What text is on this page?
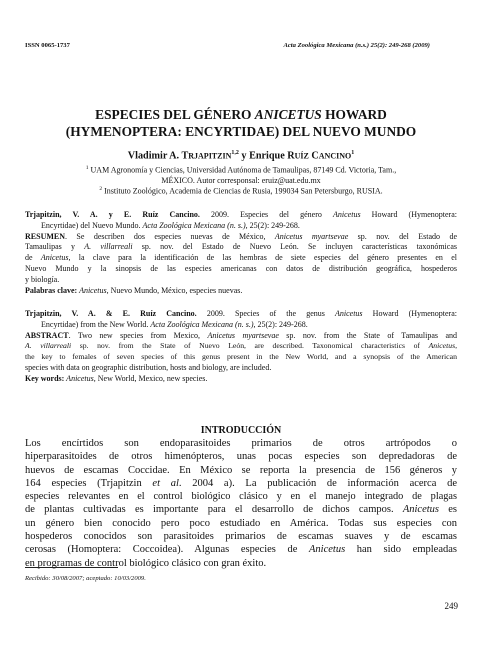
ISSN 0065-1737	Acta Zoológica Mexicana (n.s.) 25(2): 249-268 (2009)
ESPECIES DEL GÉNERO ANICETUS HOWARD
(HYMENOPTERA: ENCYRTIDAE) DEL NUEVO MUNDO
Vladimir A. TRJAPITZIN$^{1,2}$ y Enrique RUÍZ CANCINO$^1$
$^1$ UAM Agronomía y Ciencias, Universidad Autónoma de Tamaulipas, 87149 Cd. Victoria, Tam.,
MÉXICO. Autor corresponsal: eruiz@uat.edu.mx
$^2$ Instituto Zoológico, Academia de Ciencias de Rusia, 199034 San Petersburgo, RUSIA.
Trjapitzin, V. A. y E. Ruíz Cancino. 2009. Especies del género Anicetus Howard (Hymenoptera:
Encyrtidae) del Nuevo Mundo. Acta Zoológica Mexicana (n. s.), 25(2): 249-268.
RESUMEN. Se describen dos especies nuevas de México, Anicetus myartsevae sp. nov. del Estado de
Tamaulipas y A. villarreali sp. nov. del Estado de Nuevo León. Se incluyen características taxonómicas
de Anicetus, la clave para la identificación de las hembras de siete especies del género presentes en el
Nuevo Mundo y la sinopsis de las especies americanas con datos de distribución geográfica, hospederos
y biología.
Palabras clave: Anicetus, Nuevo Mundo, México, especies nuevas.
Trjapitzin, V. A. & E. Ruíz Cancino. 2009. Species of the genus Anicetus Howard (Hymenoptera:
Encyrtidae) from the New World. Acta Zoológica Mexicana (n. s.), 25(2): 249-268.
ABSTRACT. Two new species from Mexico, Anicetus myartsevae sp. nov. from the State of Tamaulipas and
A. villarreali sp. nov. from the State of Nuevo León, are described. Taxonomical characteristics of Anicetus,
the key to females of seven species of this genus present in the New World, and a synopsis of the American
species with data on geographic distribution, hosts and biology, are included.
Key words: Anicetus, New World, Mexico, new species.
INTRODUCCIÓN
Los encírtidos son endoparasitoides primarios de otros artrópodos o
hiperparasitoides de otros himenópteros, unas pocas especies son depredadoras de
huevos de escamas Coccidae. En México se reporta la presencia de 156 géneros y
164 especies (Trjapitzin et al. 2004 a). La publicación de información acerca de
especies relevantes en el control biológico clásico y en el manejo integrado de plagas
de plantas cultivadas es importante para el desarrollo de dichos campos. Anicetus es
un género bien conocido pero poco estudiado en América. Todas sus especies con
hospederos conocidos son parasitoides primarios de escamas suaves y de escamas
cerosas (Homoptera: Coccoidea). Algunas especies de Anicetus han sido empleadas
en programas de control biológico clásico con gran éxito.
Recibido: 30/08/2007; aceptado: 10/03/2009.
249
